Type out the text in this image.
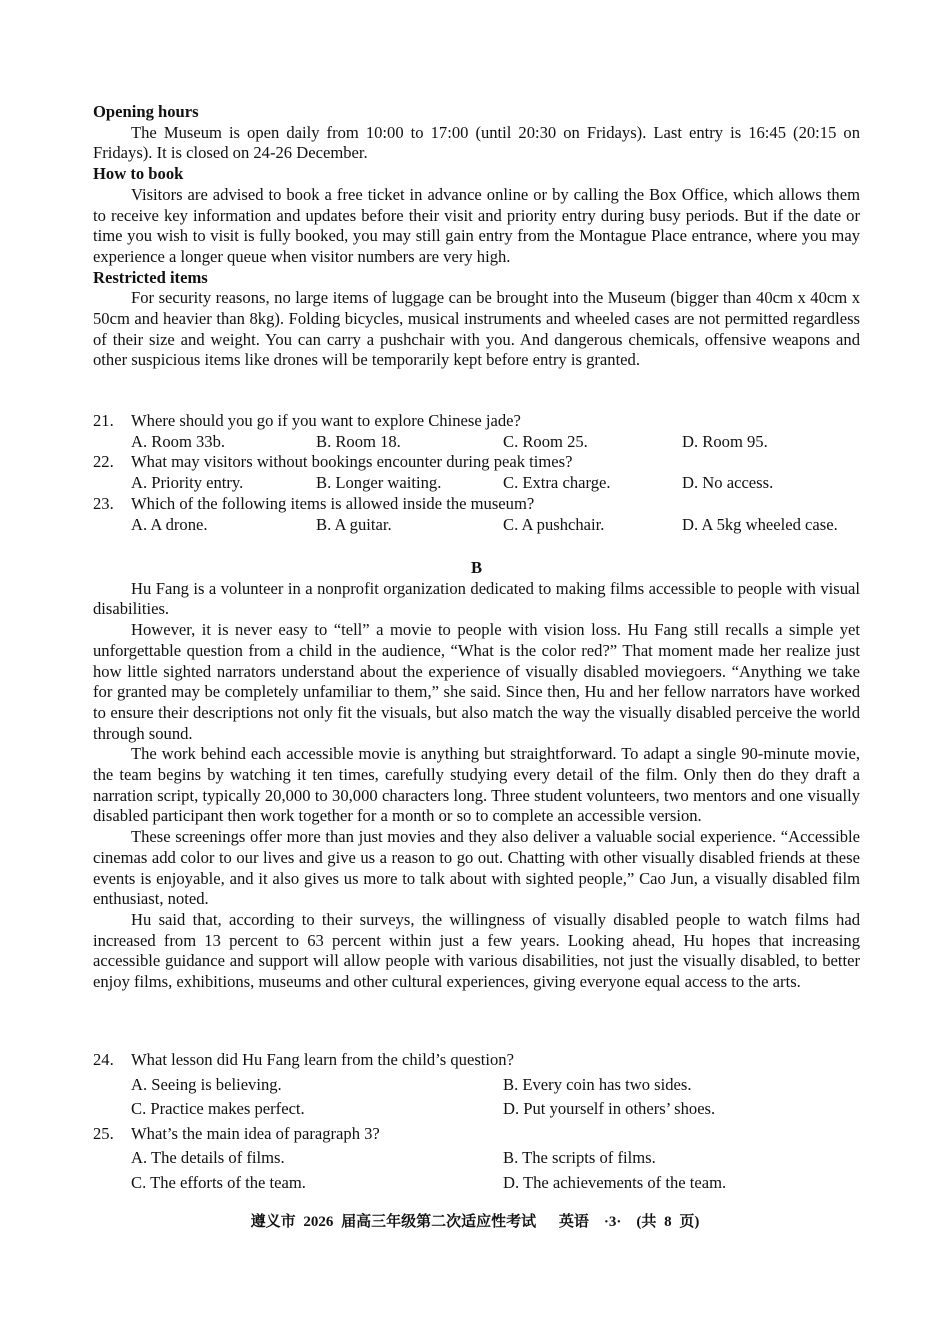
Opening hours

The Museum is open daily from 10:00 to 17:00 (until 20:30 on Fridays). Last entry is 16:45 (20:15 on Fridays). It is closed on 24-26 December.

How to book

Visitors are advised to book a free ticket in advance online or by calling the Box Office, which allows them to receive key information and updates before their visit and priority entry during busy periods. But if the date or time you wish to visit is fully booked, you may still gain entry from the Montague Place entrance, where you may experience a longer queue when visitor numbers are very high.

Restricted items

For security reasons, no large items of luggage can be brought into the Museum (bigger than 40cm x 40cm x 50cm and heavier than 8kg). Folding bicycles, musical instruments and wheeled cases are not permitted regardless of their size and weight. You can carry a pushchair with you. And dangerous chemicals, offensive weapons and other suspicious items like drones will be temporarily kept before entry is granted.

21.	Where should you go if you want to explore Chinese jade?
A. Room 33b.	B. Room 18.	C. Room 25.	D. Room 95.
22.	What may visitors without bookings encounter during peak times?
A. Priority entry.	B. Longer waiting.	C. Extra charge.	D. No access.
23.	Which of the following items is allowed inside the museum?
A. A drone.	B. A guitar.	C. A pushchair.	D. A 5kg wheeled case.
B

Hu Fang is a volunteer in a nonprofit organization dedicated to making films accessible to people with visual disabilities.

However, it is never easy to “tell” a movie to people with vision loss. Hu Fang still recalls a simple yet unforgettable question from a child in the audience, “What is the color red?” That moment made her realize just how little sighted narrators understand about the experience of visually disabled moviegoers. “Anything we take for granted may be completely unfamiliar to them,” she said. Since then, Hu and her fellow narrators have worked to ensure their descriptions not only fit the visuals, but also match the way the visually disabled perceive the world through sound.

The work behind each accessible movie is anything but straightforward. To adapt a single 90-minute movie, the team begins by watching it ten times, carefully studying every detail of the film. Only then do they draft a narration script, typically 20,000 to 30,000 characters long. Three student volunteers, two mentors and one visually disabled participant then work together for a month or so to complete an accessible version.

These screenings offer more than just movies and they also deliver a valuable social experience. “Accessible cinemas add color to our lives and give us a reason to go out. Chatting with other visually disabled friends at these events is enjoyable, and it also gives us more to talk about with sighted people,” Cao Jun, a visually disabled film enthusiast, noted.

Hu said that, according to their surveys, the willingness of visually disabled people to watch films had increased from 13 percent to 63 percent within just a few years. Looking ahead, Hu hopes that increasing accessible guidance and support will allow people with various disabilities, not just the visually disabled, to better enjoy films, exhibitions, museums and other cultural experiences, giving everyone equal access to the arts.

24.	What lesson did Hu Fang learn from the child’s question?
A. Seeing is believing.	B. Every coin has two sides.
C. Practice makes perfect.	D. Put yourself in others’ shoes.
25.	What’s the main idea of paragraph 3?
A. The details of films.	B. The scripts of films.
C. The efforts of the team.	D. The achievements of the team.
遵义市 2026 届高三年级第二次适应性考试　 英语　·3·　(共 8 页)
